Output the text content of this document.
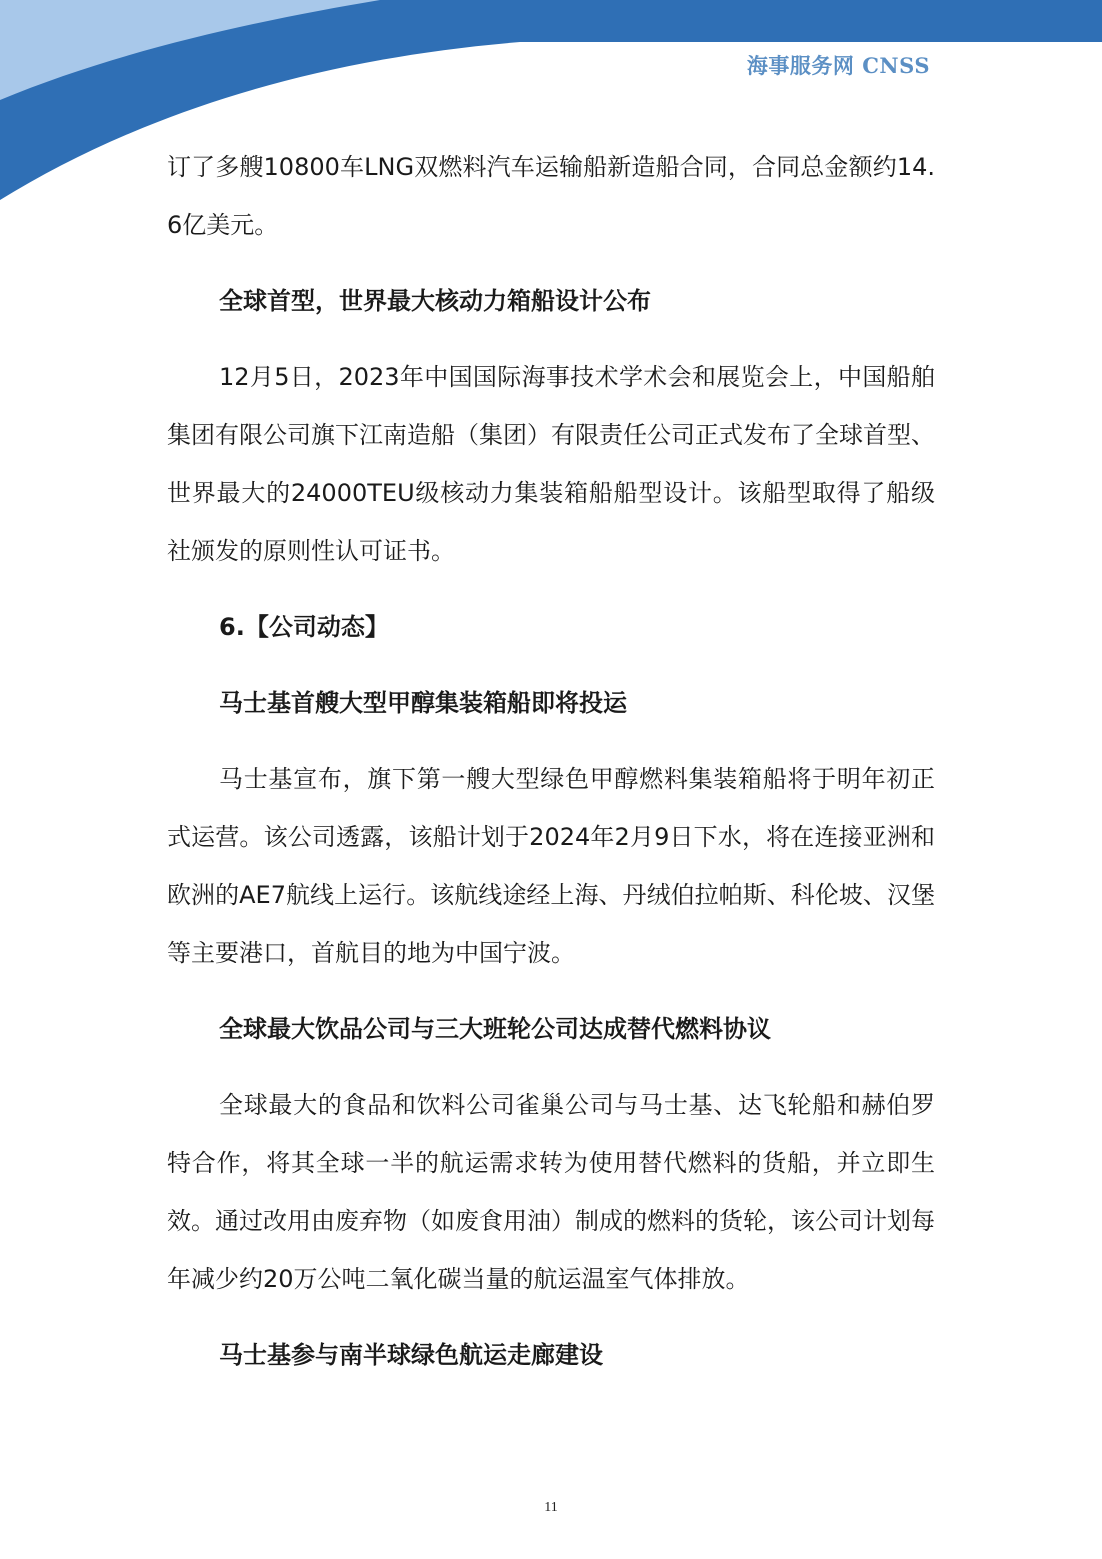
海事服务网 CNSS

订了多艘10800车LNG双燃料汽车运输船新造船合同，合同总金额约14.6亿美元。

全球首型，世界最大核动力箱船设计公布

12月5日，2023年中国国际海事技术学术会和展览会上，中国船舶集团有限公司旗下江南造船（集团）有限责任公司正式发布了全球首型、世界最大的24000TEU级核动力集装箱船船型设计。该船型取得了船级社颁发的原则性认可证书。

6.【公司动态】

马士基首艘大型甲醇集装箱船即将投运

马士基宣布，旗下第一艘大型绿色甲醇燃料集装箱船将于明年初正式运营。该公司透露，该船计划于2024年2月9日下水，将在连接亚洲和欧洲的AE7航线上运行。该航线途经上海、丹绒伯拉帕斯、科伦坡、汉堡等主要港口，首航目的地为中国宁波。

全球最大饮品公司与三大班轮公司达成替代燃料协议

全球最大的食品和饮料公司雀巢公司与马士基、达飞轮船和赫伯罗特合作，将其全球一半的航运需求转为使用替代燃料的货船，并立即生效。通过改用由废弃物（如废食用油）制成的燃料的货轮，该公司计划每年减少约20万公吨二氧化碳当量的航运温室气体排放。

马士基参与南半球绿色航运走廊建设

11
